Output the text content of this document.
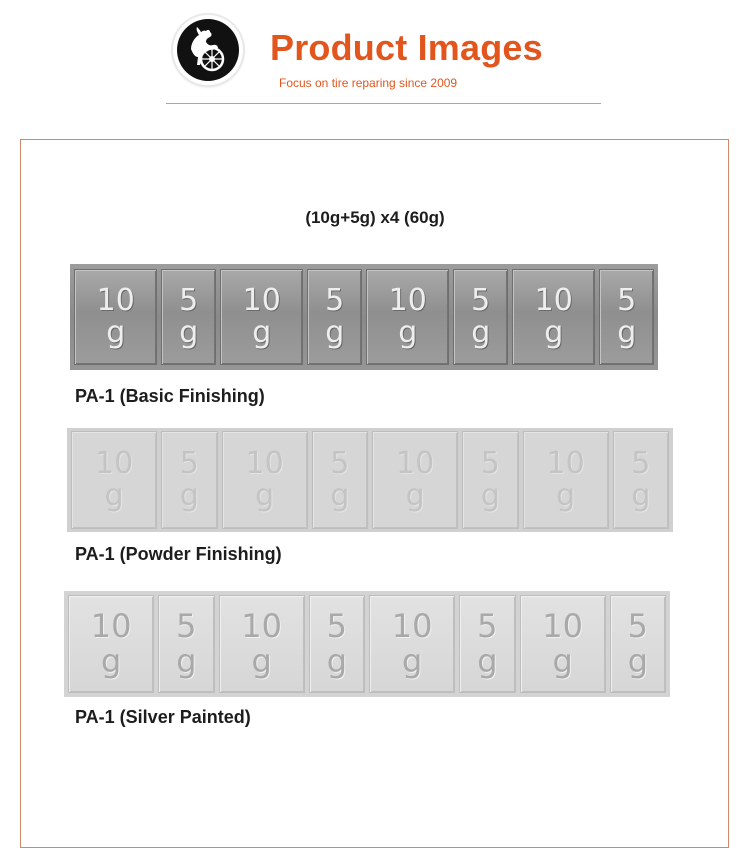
Product Images
Focus on tire reparing since 2009
(10g+5g) x4 (60g)
10
g
5
g
10
g
5
g
10
g
5
g
10
g
5
g
PA-1 (Basic Finishing)
10
g
5
g
10
g
5
g
10
g
5
g
10
g
5
g
PA-1 (Powder Finishing)
10
g
5
g
10
g
5
g
10
g
5
g
10
g
5
g
PA-1 (Silver Painted)
